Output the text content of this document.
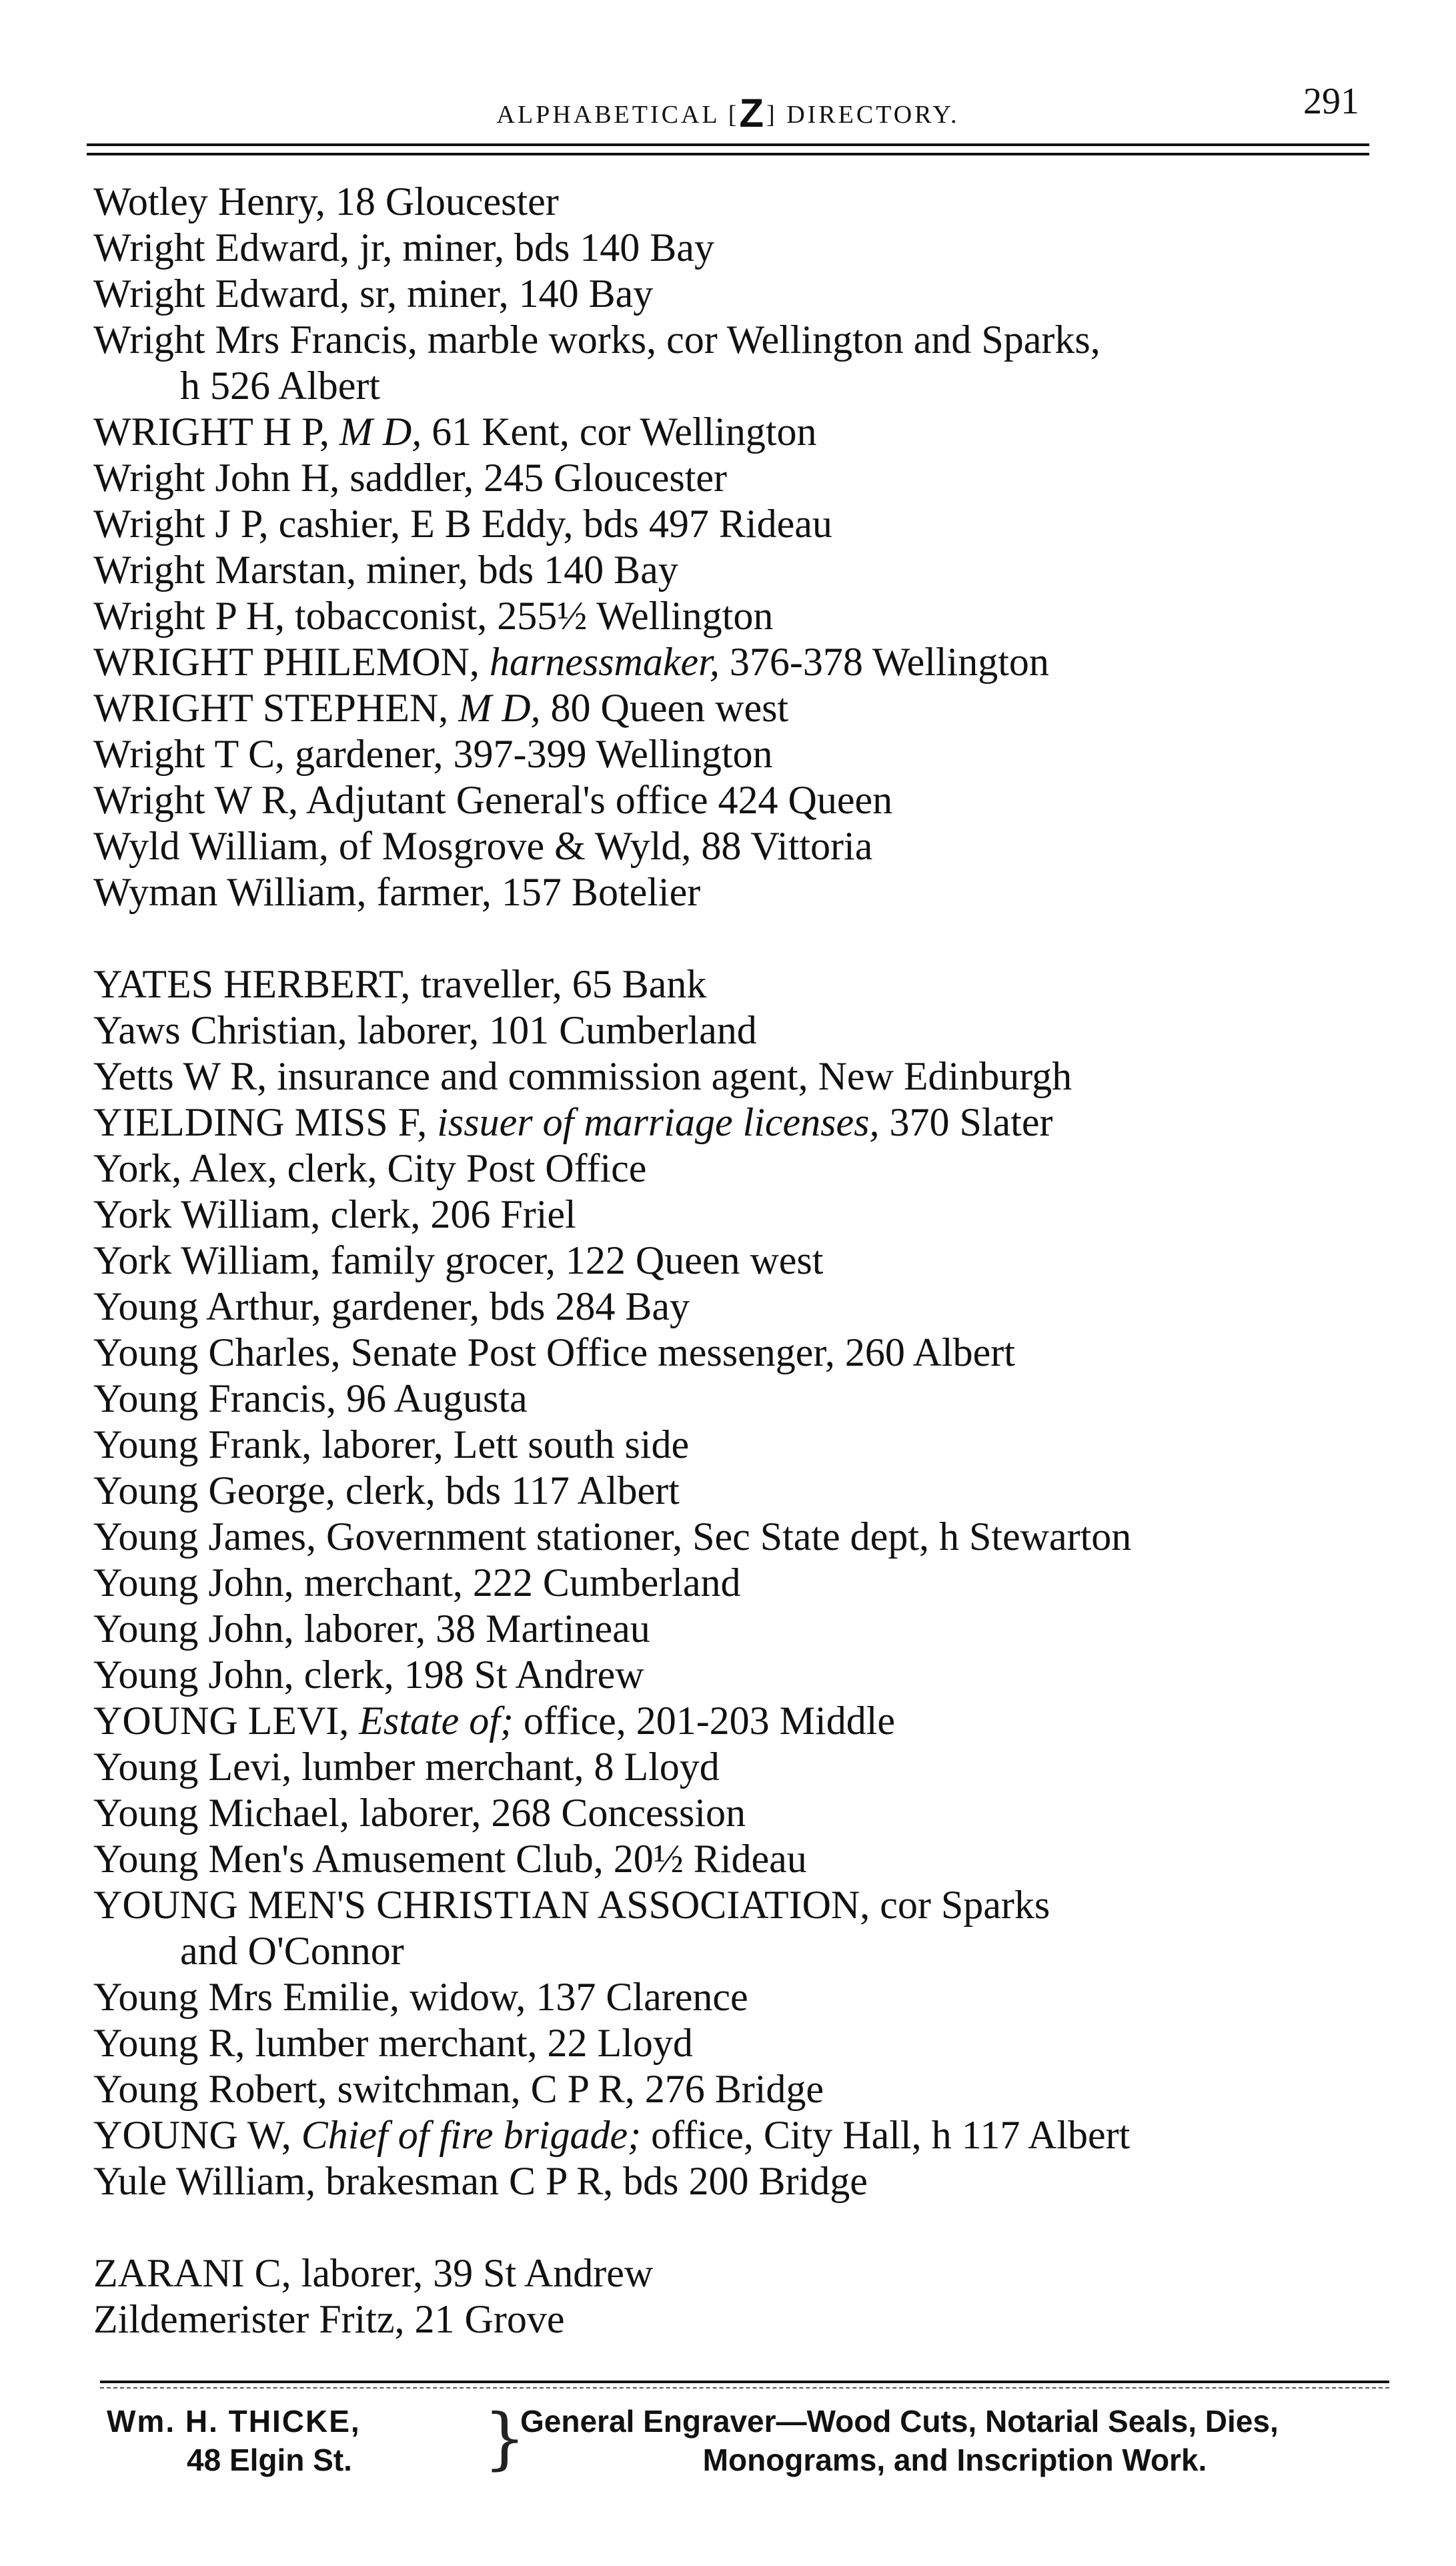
ALPHABETICAL [Z] DIRECTORY.	291
Wotley Henry, 18 Gloucester
Wright Edward, jr, miner, bds 140 Bay
Wright Edward, sr, miner, 140 Bay
Wright Mrs Francis, marble works, cor Wellington and Sparks,
h 526 Albert
WRIGHT H P, M D, 61 Kent, cor Wellington
Wright John H, saddler, 245 Gloucester
Wright J P, cashier, E B Eddy, bds 497 Rideau
Wright Marstan, miner, bds 140 Bay
Wright P H, tobacconist, 255½ Wellington
WRIGHT PHILEMON, harnessmaker, 376-378 Wellington
WRIGHT STEPHEN, M D, 80 Queen west
Wright T C, gardener, 397-399 Wellington
Wright W R, Adjutant General's office 424 Queen
Wyld William, of Mosgrove & Wyld, 88 Vittoria
Wyman William, farmer, 157 Botelier
YATES HERBERT, traveller, 65 Bank
Yaws Christian, laborer, 101 Cumberland
Yetts W R, insurance and commission agent, New Edinburgh
YIELDING MISS F, issuer of marriage licenses, 370 Slater
York, Alex, clerk, City Post Office
York William, clerk, 206 Friel
York William, family grocer, 122 Queen west
Young Arthur, gardener, bds 284 Bay
Young Charles, Senate Post Office messenger, 260 Albert
Young Francis, 96 Augusta
Young Frank, laborer, Lett south side
Young George, clerk, bds 117 Albert
Young James, Government stationer, Sec State dept, h Stewarton
Young John, merchant, 222 Cumberland
Young John, laborer, 38 Martineau
Young John, clerk, 198 St Andrew
YOUNG LEVI, Estate of; office, 201-203 Middle
Young Levi, lumber merchant, 8 Lloyd
Young Michael, laborer, 268 Concession
Young Men's Amusement Club, 20½ Rideau
YOUNG MEN'S CHRISTIAN ASSOCIATION, cor Sparks
and O'Connor
Young Mrs Emilie, widow, 137 Clarence
Young R, lumber merchant, 22 Lloyd
Young Robert, switchman, C P R, 276 Bridge
YOUNG W, Chief of fire brigade; office, City Hall, h 117 Albert
Yule William, brakesman C P R, bds 200 Bridge
ZARANI C, laborer, 39 St Andrew
Zildemerister Fritz, 21 Grove
Wm. H. THICKE,
48 Elgin St.	}
General Engraver—Wood Cuts, Notarial Seals, Dies,
Monograms, and Inscription Work.
